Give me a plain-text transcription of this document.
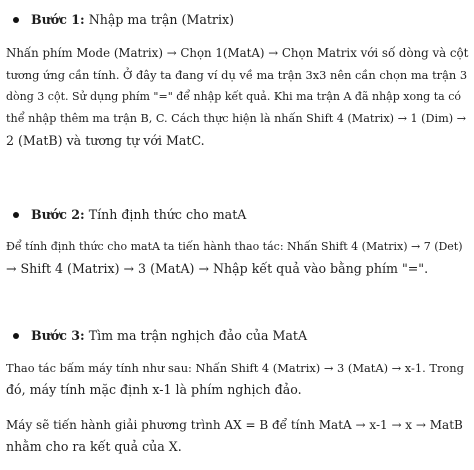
Bước 1: Nhập ma trận (Matrix)

Nhấn phím Mode (Matrix) → Chọn 1(MatA) → Chọn Matrix với số dòng và cột
tương ứng cần tính. Ở đây ta đang ví dụ về ma trận 3x3 nên cần chọn ma trận 3
dòng 3 cột. Sử dụng phím "=" để nhập kết quả. Khi ma trận A đã nhập xong ta có
thể nhập thêm ma trận B, C. Cách thực hiện là nhấn Shift 4 (Matrix) → 1 (Dim) →
2 (MatB) và tương tự với MatC.

Bước 2: Tính định thức cho matA

Để tính định thức cho matA ta tiến hành thao tác: Nhấn Shift 4 (Matrix) → 7 (Det)
→ Shift 4 (Matrix) → 3 (MatA) → Nhập kết quả vào bằng phím "=".

Bước 3: Tìm ma trận nghịch đảo của MatA

Thao tác bấm máy tính như sau: Nhấn Shift 4 (Matrix) → 3 (MatA) → x-1. Trong
đó, máy tính mặc định x-1 là phím nghịch đảo.

Máy sẽ tiến hành giải phương trình AX = B để tính MatA → x-1 → x → MatB
nhằm cho ra kết quả của X.
